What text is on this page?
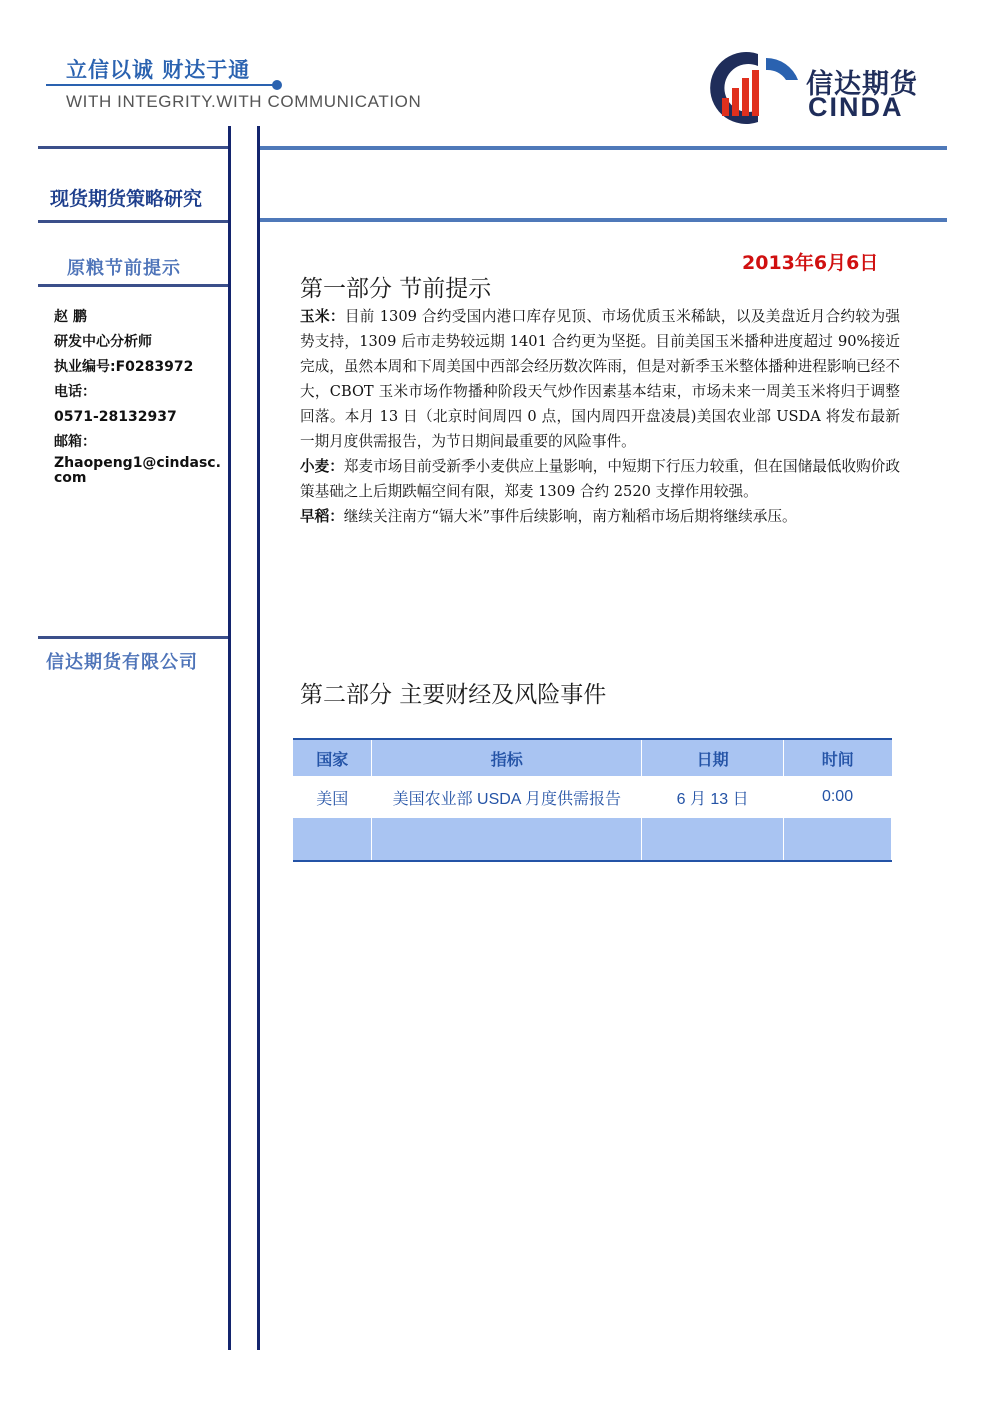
立信以诚 财达于通
WITH INTEGRITY.WITH COMMUNICATION
信达期货
CINDA
现货期货策略研究
原粮节前提示
赵 鹏
研发中心分析师
执业编号:F0283972
电话：
0571-28132937
邮箱：
Zhaopeng1@cindasc.com
信达期货有限公司
2013年6月6日
第一部分 节前提示

玉米：目前 1309 合约受国内港口库存见顶、市场优质玉米稀缺，以及美盘近月合约较为强势支持，1309 后市走势较远期 1401 合约更为坚挺。目前美国玉米播种进度超过 90%接近完成，虽然本周和下周美国中西部会经历数次阵雨，但是对新季玉米整体播种进程影响已经不大，CBOT 玉米市场作物播种阶段天气炒作因素基本结束，市场未来一周美玉米将归于调整回落。本月 13 日（北京时间周四 0 点，国内周四开盘凌晨)美国农业部 USDA 将发布最新一期月度供需报告，为节日期间最重要的风险事件。

小麦：郑麦市场目前受新季小麦供应上量影响，中短期下行压力较重，但在国储最低收购价政策基础之上后期跌幅空间有限，郑麦 1309 合约 2520 支撑作用较强。

早稻：继续关注南方“镉大米”事件后续影响，南方籼稻市场后期将继续承压。

第二部分 主要财经及风险事件
国家	指标	日期	时间
美国	美国农业部 USDA 月度供需报告	6 月 13 日	0:00
